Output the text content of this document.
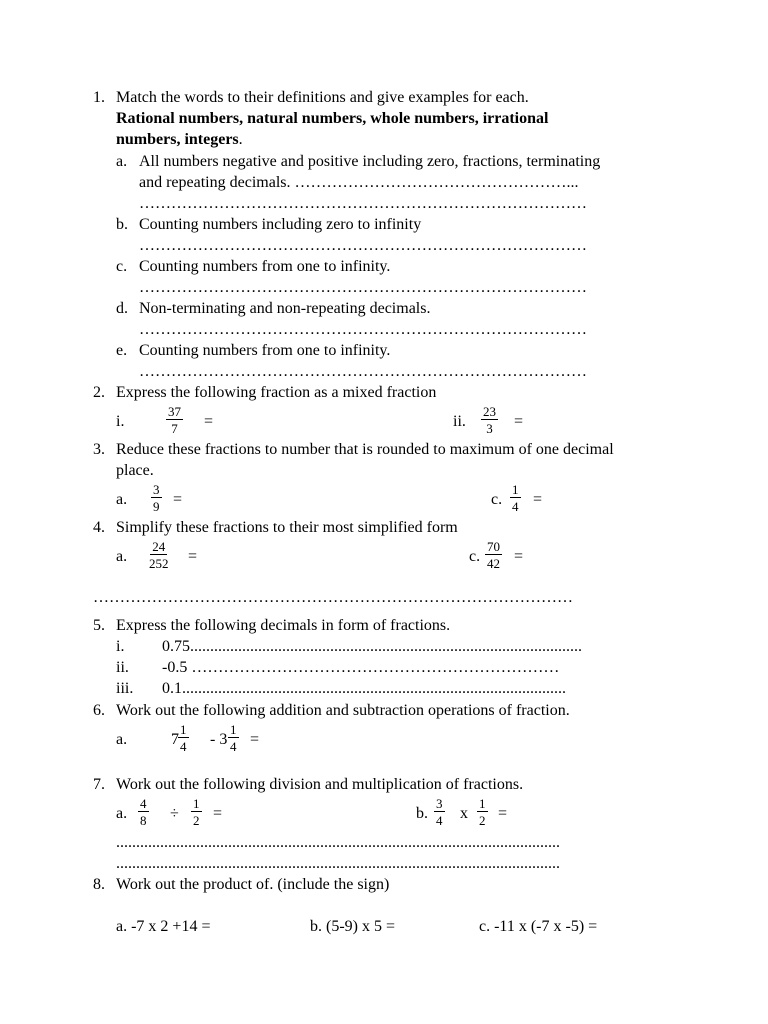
1. Match the words to their definitions and give examples for each.
Rational numbers, natural numbers, whole numbers, irrational
numbers, integers.
a. All numbers negative and positive including zero, fractions, terminating
and repeating decimals. ……………………………………………...
…………………………………………………………………………
b. Counting numbers including zero to infinity
…………………………………………………………………………
c. Counting numbers from one to infinity.
…………………………………………………………………………
d. Non-terminating and non-repeating decimals.
…………………………………………………………………………
e. Counting numbers from one to infinity.
…………………………………………………………………………
2. Express the following fraction as a mixed fraction
i.	$\frac{37}{7}$ =	ii. $\frac{23}{3}$ =
3. Reduce these fractions to number that is rounded to maximum of one decimal
place.
a. $\frac{3}{9}$ =	c. $\frac{1}{4}$ =
4. Simplify these fractions to their most simplified form
a. $\frac{24}{252}$ =	c. $\frac{70}{42}$ =
………………………………………………………………………………
5. Express the following decimals in form of fractions.
i. 0.75..................................................................................................
ii. -0.5 ……………………………………………………………
iii. 0.1................................................................................................
6. Work out the following addition and subtraction operations of fraction.
a.	$7 \frac{1}{4} - 3 \frac{1}{4}$ =
7. Work out the following division and multiplication of fractions.
a. $\frac{4}{8} \div \frac{1}{2}$ =	b. $\frac{3}{4}$ x $\frac{1}{2}$ =
...............................................................................................................
...............................................................................................................
8. Work out the product of. (include the sign)
a. -7 x 2 +14 =	b. (5-9) x 5 =	c. -11 x (-7 x -5) =
